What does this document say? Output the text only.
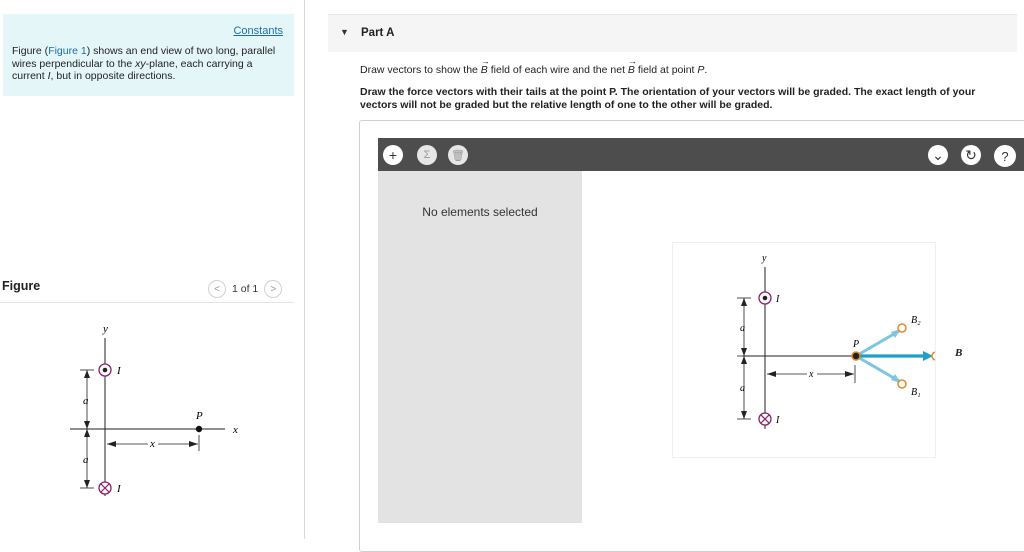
Constants
Figure (Figure 1) shows an end view of two long, parallel wires perpendicular to the xy-plane, each carrying a current I, but in opposite directions.
Figure	<	1 of 1	>
y
x
I
I
a
a
x
P
▼ Part A
Draw vectors to show the → B field of each wire and the net → B field at point P.
Draw the force vectors with their tails at the point P. The orientation of your vectors will be graded. The exact length of your vectors will not be graded but the relative length of one to the other will be graded.
+	Σ	🗑	⌄ ↻	?
No elements selected
y
I
I
a
a
x
P
B₂
B₁
B
